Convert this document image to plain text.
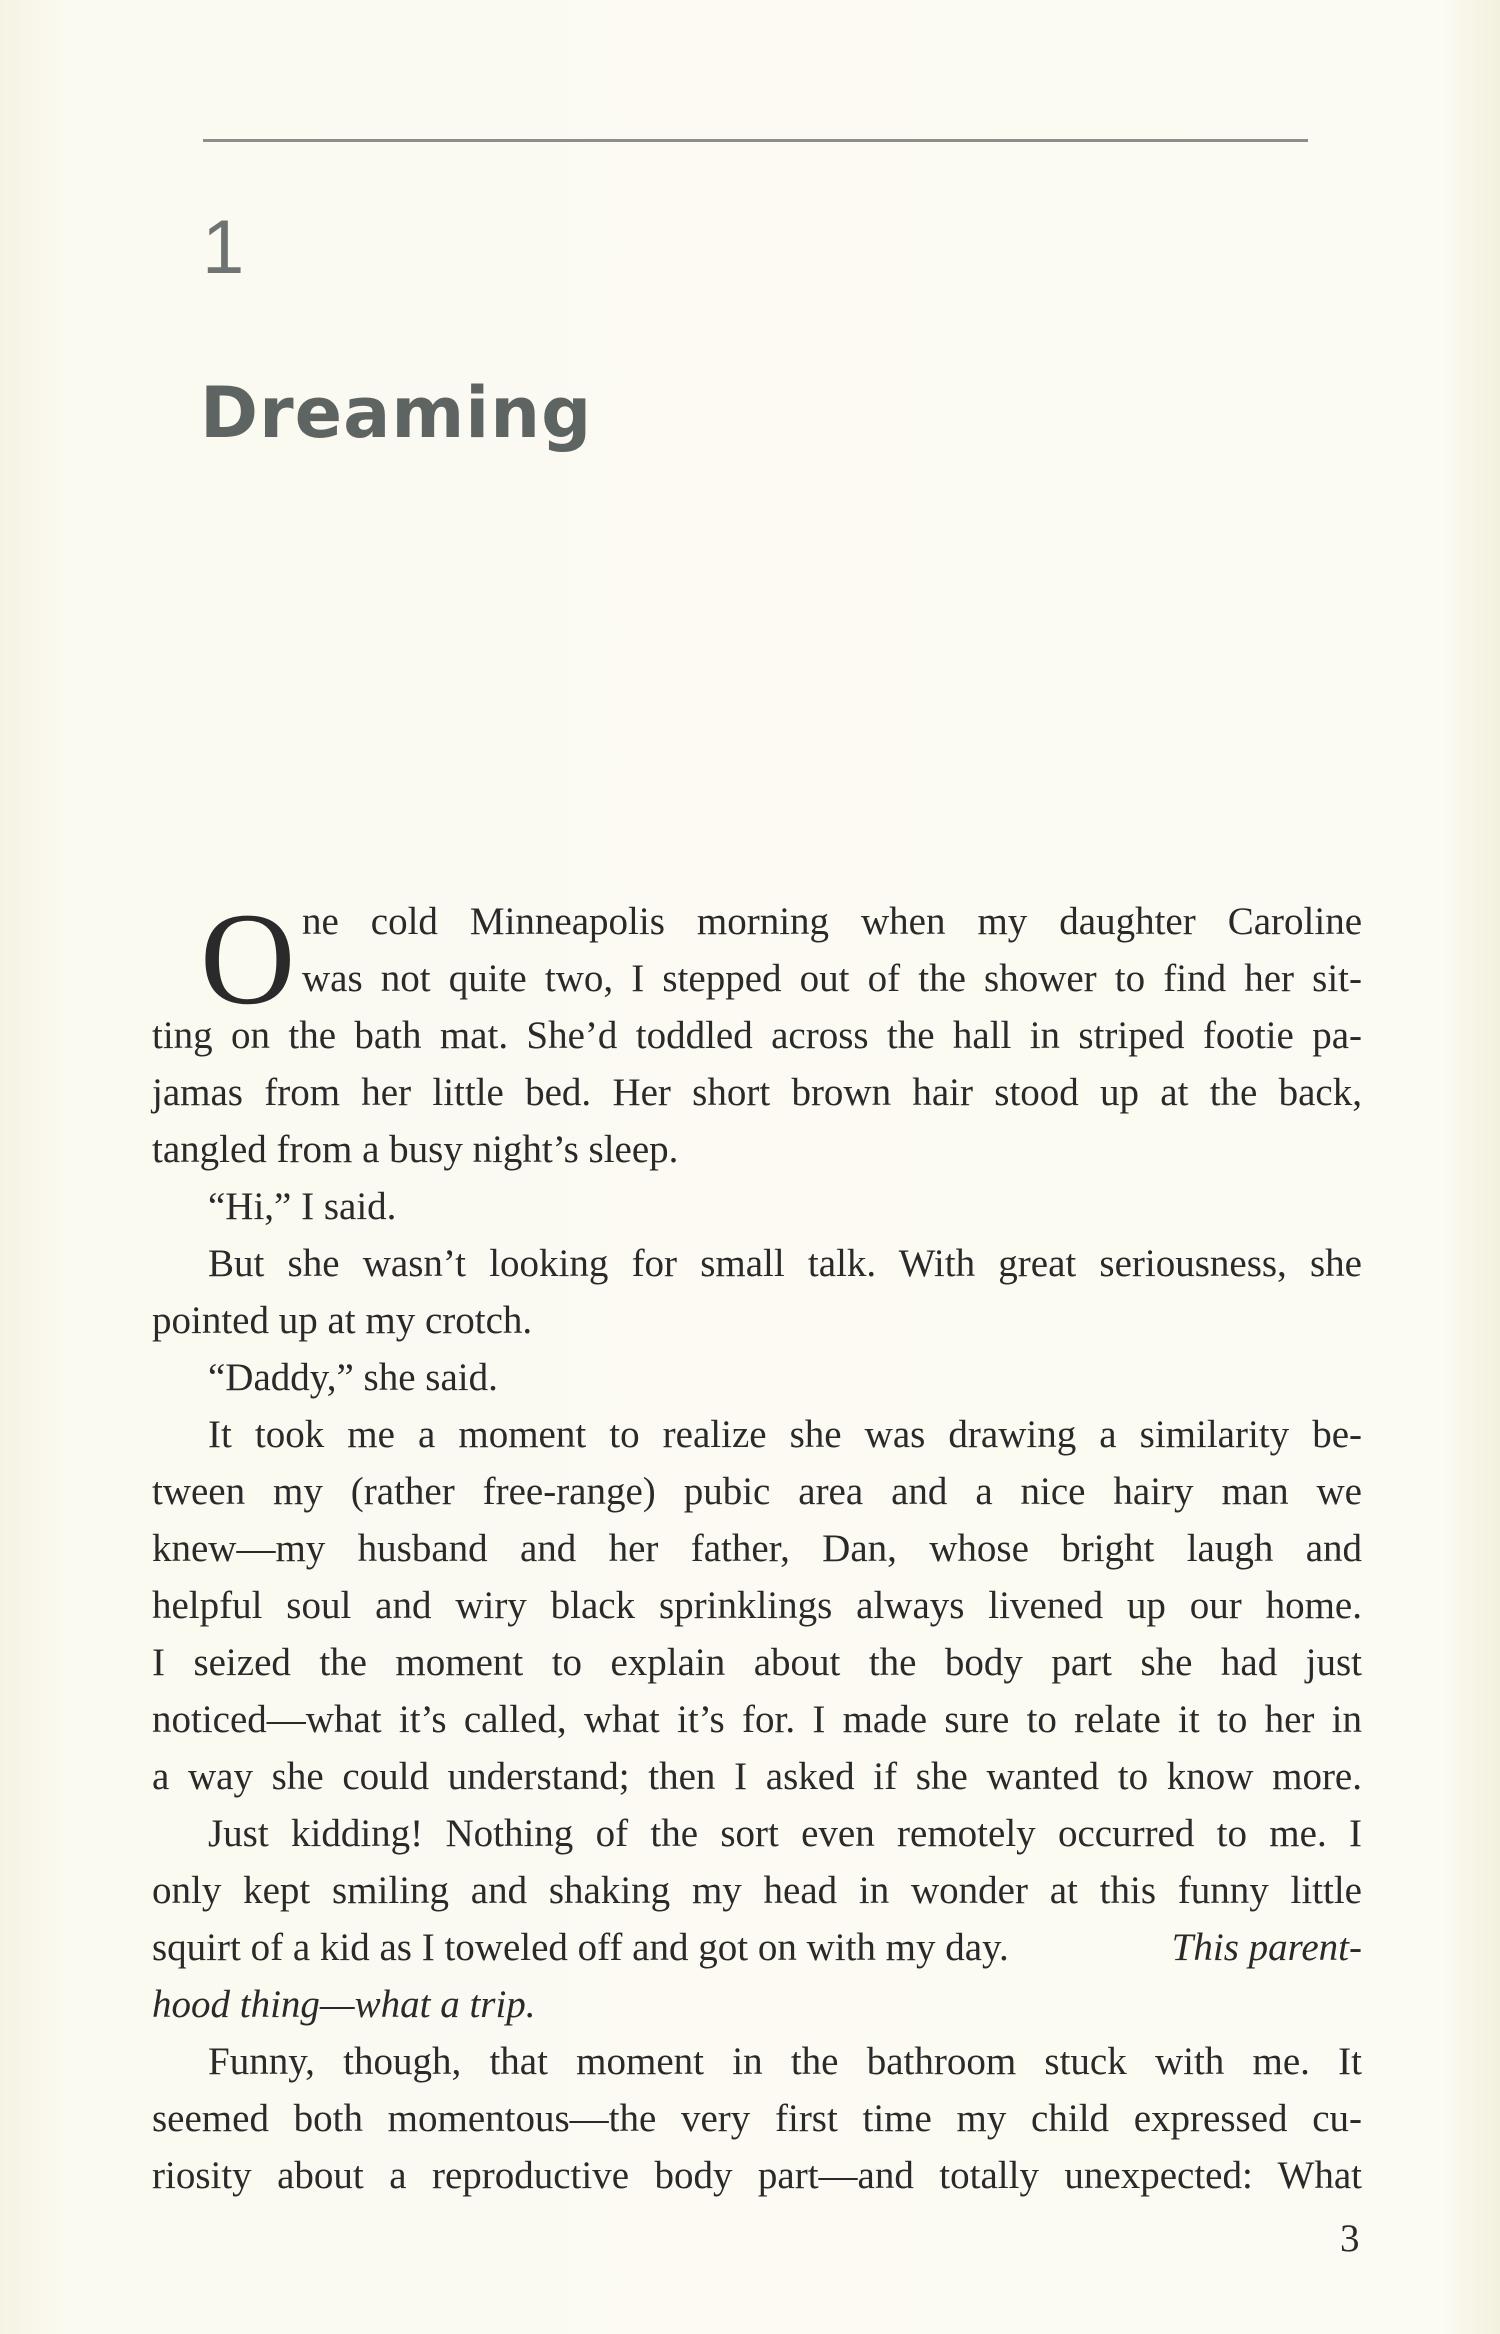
1
Dreaming
O ne cold Minneapolis morning when my daughter Caroline
was not quite two, I stepped out of the shower to find her sit-
ting on the bath mat. She’d toddled across the hall in striped footie pa-
jamas from her little bed. Her short brown hair stood up at the back,
tangled from a busy night’s sleep.
“Hi,” I said.
But she wasn’t looking for small talk. With great seriousness, she
pointed up at my crotch.
“Daddy,” she said.
It took me a moment to realize she was drawing a similarity be-
tween my (rather free-range) pubic area and a nice hairy man we
knew—my husband and her father, Dan, whose bright laugh and
helpful soul and wiry black sprinklings always livened up our home.
I seized the moment to explain about the body part she had just
noticed—what it’s called, what it’s for. I made sure to relate it to her in
a way she could understand; then I asked if she wanted to know more.
Just kidding! Nothing of the sort even remotely occurred to me. I
only kept smiling and shaking my head in wonder at this funny little
squirt of a kid as I toweled off and got on with my day.	This parent-
hood thing—what a trip.
Funny, though, that moment in the bathroom stuck with me. It
seemed both momentous—the very first time my child expressed cu-
riosity about a reproductive body part—and totally unexpected: What
3
